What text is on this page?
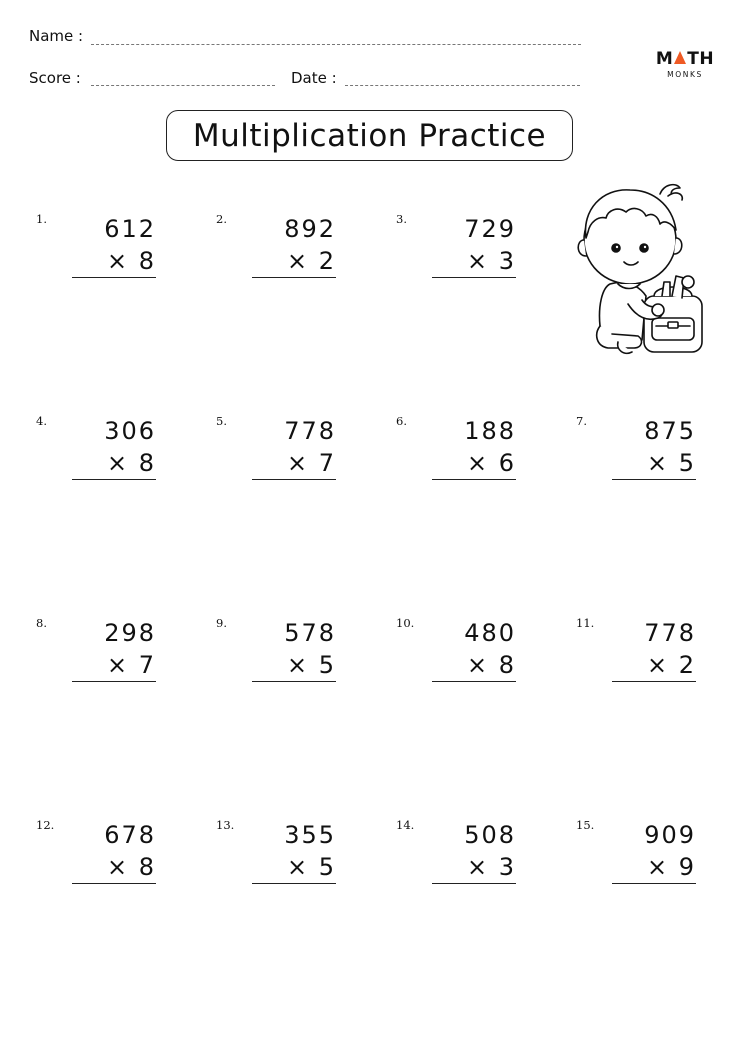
Name :
Score :	Date :
M TH
MONKS
Multiplication Practice
1. 612
× 8
2. 892
× 2
3. 729
× 3
4. 306
× 8
5. 778
× 7
6. 188
× 6
7. 875
× 5
8. 298
× 7
9. 578
× 5
10. 480
× 8
11. 778
× 2
12. 678
× 8
13. 355
× 5
14. 508
× 3
15. 909
× 9
